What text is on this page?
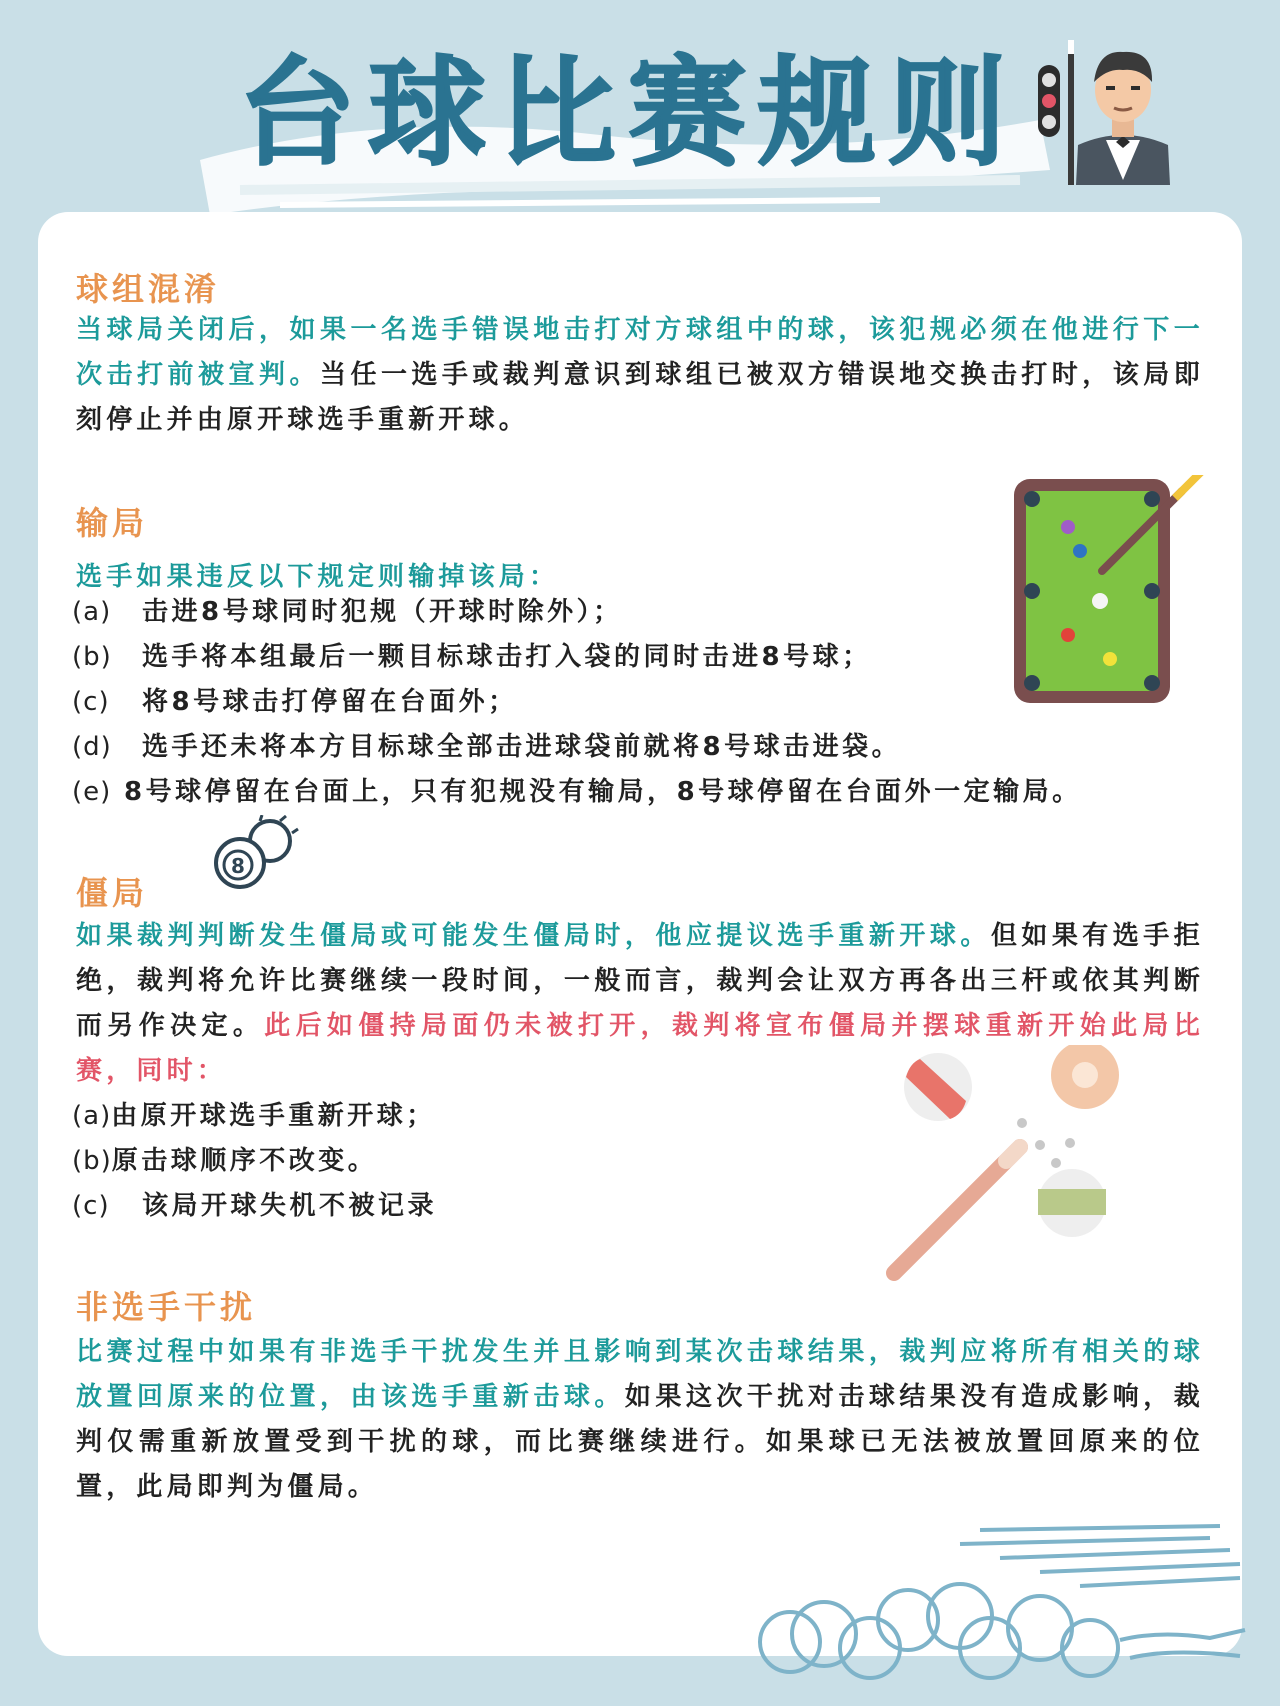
台球比赛规则
球组混淆

当球局关闭后，如果一名选手错误地击打对方球组中的球，该犯规必须在他进行下一次击打前被宣判。当任一选手或裁判意识到球组已被双方错误地交换击打时，该局即刻停止并由原开球选手重新开球。

输局

选手如果违反以下规定则输掉该局：

(a) 击进8号球同时犯规（开球时除外）；
(b) 选手将本组最后一颗目标球击打入袋的同时击进8号球；
(c) 将8号球击打停留在台面外；
(d) 选手还未将本方目标球全部击进球袋前就将8号球击进袋。
(e) 8号球停留在台面上，只有犯规没有输局，8号球停留在台面外一定输局。
8
僵局

如果裁判判断发生僵局或可能发生僵局时，他应提议选手重新开球。但如果有选手拒绝，裁判将允许比赛继续一段时间，一般而言，裁判会让双方再各出三杆或依其判断而另作决定。此后如僵持局面仍未被打开，裁判将宣布僵局并摆球重新开始此局比赛，同时：

(a)由原开球选手重新开球；
(b)原击球顺序不改变。
(c) 该局开球失机不被记录
非选手干扰

比赛过程中如果有非选手干扰发生并且影响到某次击球结果，裁判应将所有相关的球放置回原来的位置，由该选手重新击球。如果这次干扰对击球结果没有造成影响，裁判仅需重新放置受到干扰的球，而比赛继续进行。如果球已无法被放置回原来的位置，此局即判为僵局。
